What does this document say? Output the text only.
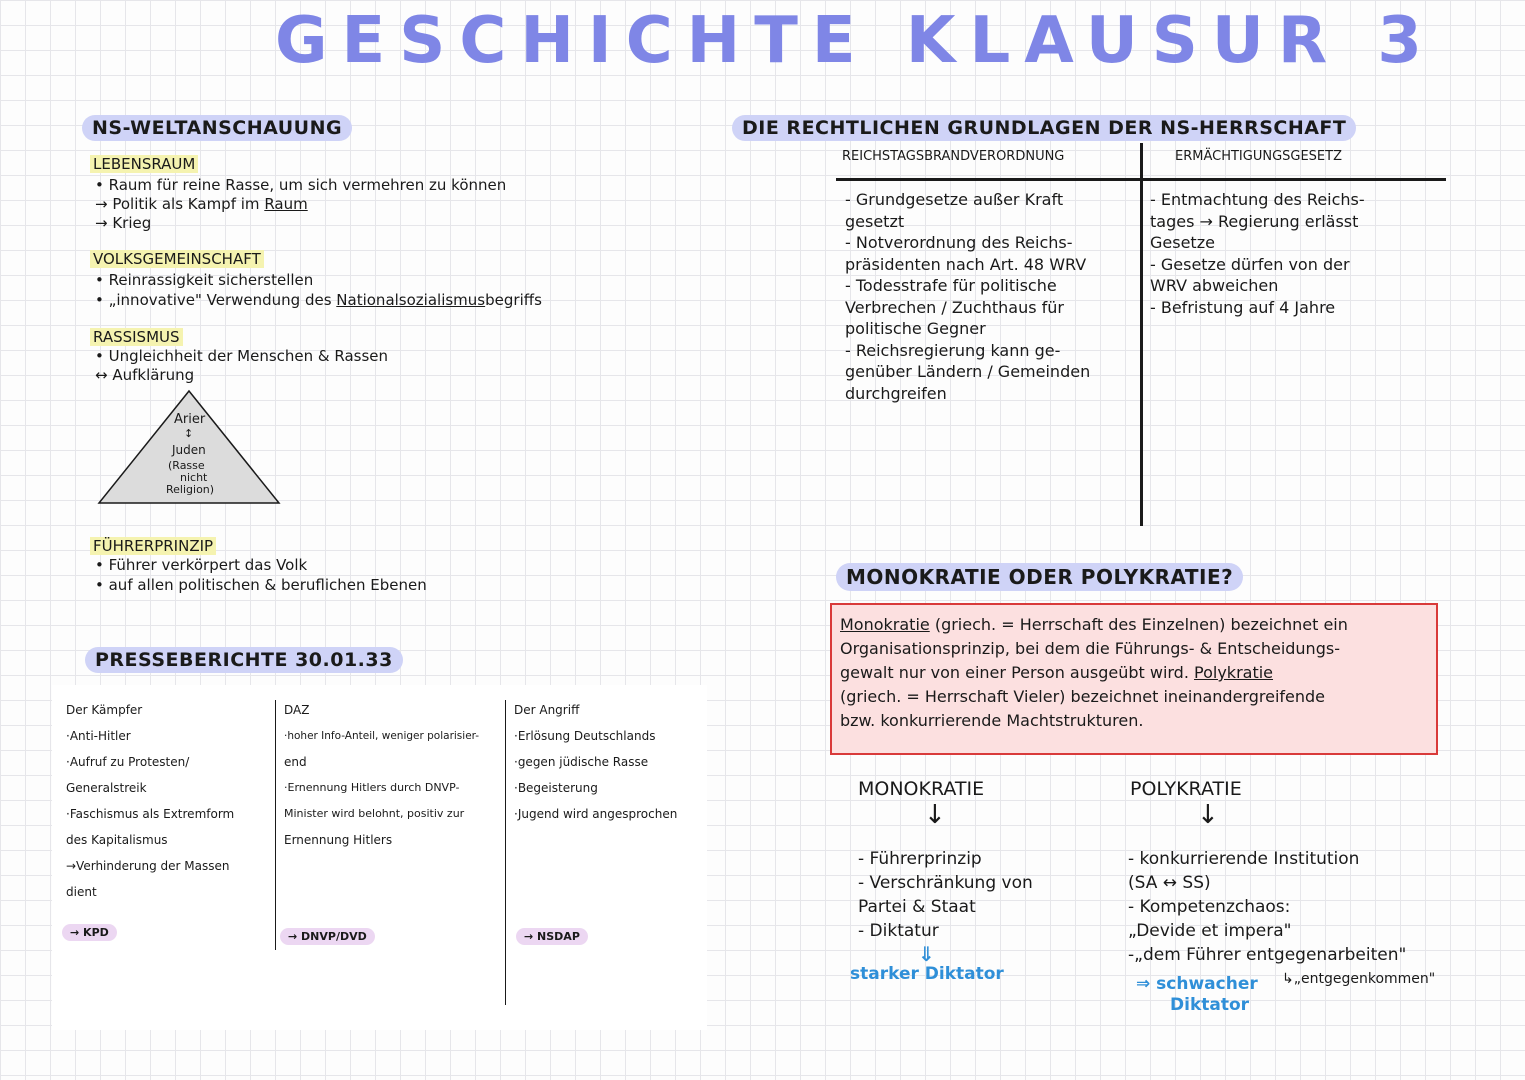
GESCHICHTE KLAUSUR 3
NS-WELTANSCHAUUNG
LEBENSRAUM
• Raum für reine Rasse, um sich vermehren zu können
→ Politik als Kampf im Raum
→ Krieg
VOLKSGEMEINSCHAFT
• Reinrassigkeit sicherstellen
• „innovative" Verwendung des Nationalsozialismusbegriffs
RASSISMUS
• Ungleichheit der Menschen & Rassen
↔ Aufklärung
Arier
↕
Juden
(Rasse
nicht
Religion)
FÜHRERPRINZIP
• Führer verkörpert das Volk
• auf allen politischen & beruflichen Ebenen
PRESSEBERICHTE 30.01.33
Der Kämpfer
·Anti-Hitler
·Aufruf zu Protesten/
Generalstreik
·Faschismus als Extremform
des Kapitalismus
→Verhinderung der Massen
dient
→ KPD
DAZ
·hoher Info-Anteil, weniger polarisier-
end
·Ernennung Hitlers durch DNVP-
Minister wird belohnt, positiv zur
Ernennung Hitlers
→ DNVP/DVD
Der Angriff
·Erlösung Deutschlands
·gegen jüdische Rasse
·Begeisterung
·Jugend wird angesprochen
→ NSDAP
DIE RECHTLICHEN GRUNDLAGEN DER NS-HERRSCHAFT
REICHSTAGSBRANDVERORDNUNG	ERMÄCHTIGUNGSGESETZ
- Grundgesetze außer Kraft
gesetzt
- Notverordnung des Reichs-
präsidenten nach Art. 48 WRV
- Todesstrafe für politische
Verbrechen / Zuchthaus für
politische Gegner
- Reichsregierung kann ge-
genüber Ländern / Gemeinden
durchgreifen
- Entmachtung des Reichs-
tages → Regierung erlässt
Gesetze
- Gesetze dürfen von der
WRV abweichen
- Befristung auf 4 Jahre
MONOKRATIE ODER POLYKRATIE?

Monokratie (griech. = Herrschaft des Einzelnen) bezeichnet ein

Organisationsprinzip, bei dem die Führungs- & Entscheidungs-

gewalt nur von einer Person ausgeübt wird. Polykratie

(griech. = Herrschaft Vieler) bezeichnet ineinandergreifende

bzw. konkurrierende Machtstrukturen.

MONOKRATIE
↓
- Führerprinzip
- Verschränkung von
Partei & Staat
- Diktatur
⇓
starker Diktator
POLYKRATIE
↓
- konkurrierende Institution
(SA ↔ SS)
- Kompetenzchaos:
„Devide et impera"
-„dem Führer entgegenarbeiten"
⇒ schwacher
Diktator
↳„entgegenkommen"
